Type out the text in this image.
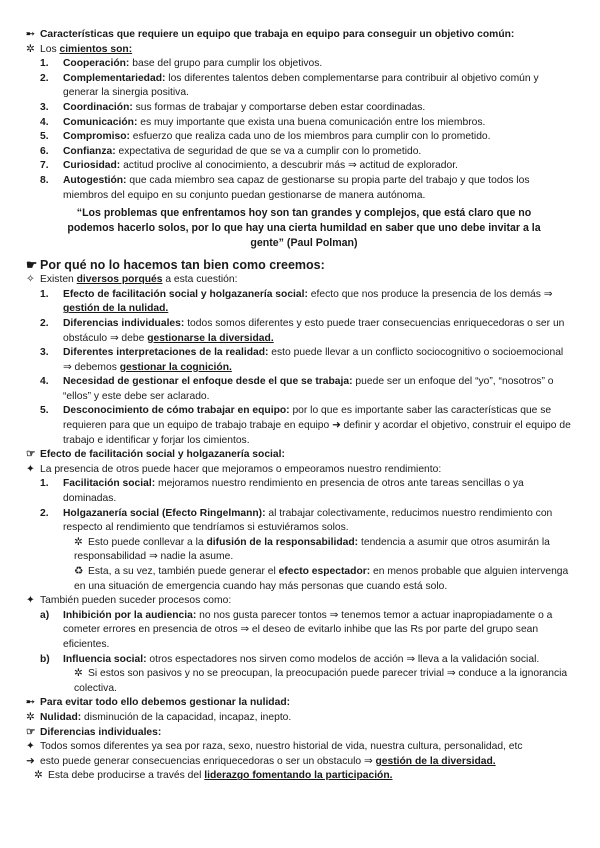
➸ Características que requiere un equipo que trabaja en equipo para conseguir un objetivo común:

✲ Los cimientos son:

1. Cooperación: base del grupo para cumplir los objetivos.
2. Complementariedad: los diferentes talentos deben complementarse para contribuir al objetivo común y generar la sinergia positiva.
3. Coordinación: sus formas de trabajar y comportarse deben estar coordinadas.
4. Comunicación: es muy importante que exista una buena comunicación entre los miembros.
5. Compromiso: esfuerzo que realiza cada uno de los miembros para cumplir con lo prometido.
6. Confianza: expectativa de seguridad de que se va a cumplir con lo prometido.
7. Curiosidad: actitud proclive al conocimiento, a descubrir más ⇒ actitud de explorador.
8. Autogestión: que cada miembro sea capaz de gestionarse su propia parte del trabajo y que todos los miembros del equipo en su conjunto puedan gestionarse de manera autónoma.

“Los problemas que enfrentamos hoy son tan grandes y complejos, que está claro que no podemos hacerlo solos, por lo que hay una cierta humildad en saber que uno debe invitar a la gente” (Paul Polman)

☛ Por qué no lo hacemos tan bien como creemos:

✧ Existen diversos porqués a esta cuestión:

1. Efecto de facilitación social y holgazanería social: efecto que nos produce la presencia de los demás ⇒ gestión de la nulidad.
2. Diferencias individuales: todos somos diferentes y esto puede traer consecuencias enriquecedoras o ser un obstáculo ⇒ debe gestionarse la diversidad.
3. Diferentes interpretaciones de la realidad: esto puede llevar a un conflicto sociocognitivo o socioemocional ⇒ debemos gestionar la cognición.
4. Necesidad de gestionar el enfoque desde el que se trabaja: puede ser un enfoque del “yo”, “nosotros” o “ellos” y este debe ser aclarado.
5. Desconocimiento de cómo trabajar en equipo: por lo que es importante saber las características que se requieren para que un equipo de trabajo trabaje en equipo ➜ definir y acordar el objetivo, construir el equipo de trabajo e identificar y forjar los cimientos.

☞ Efecto de facilitación social y holgazanería social:

✦ La presencia de otros puede hacer que mejoramos o empeoramos nuestro rendimiento:

1. Facilitación social: mejoramos nuestro rendimiento en presencia de otros ante tareas sencillas o ya dominadas.
2. Holgazanería social (Efecto Ringelmann): al trabajar colectivamente, reducimos nuestro rendimiento con respecto al rendimiento que tendríamos si estuviéramos solos.

✲ Esto puede conllevar a la difusión de la responsabilidad: tendencia a asumir que otros asumirán la responsabilidad ⇒ nadie la asume.

♻ Esta, a su vez, también puede generar el efecto espectador: en menos probable que alguien intervenga en una situación de emergencia cuando hay más personas que cuando está solo.

✦ También pueden suceder procesos como:

a) Inhibición por la audiencia: no nos gusta parecer tontos ⇒ tenemos temor a actuar inapropiadamente o a cometer errores en presencia de otros ⇒ el deseo de evitarlo inhibe que las Rs por parte del grupo sean eficientes.
b) Influencia social: otros espectadores nos sirven como modelos de acción ⇒ lleva a la validación social.

✲ Si estos son pasivos y no se preocupan, la preocupación puede parecer trivial ⇒ conduce a la ignorancia colectiva.

➸ Para evitar todo ello debemos gestionar la nulidad:

✲ Nulidad: disminución de la capacidad, incapaz, inepto.

☞ Diferencias individuales:

✦ Todos somos diferentes ya sea por raza, sexo, nuestro historial de vida, nuestra cultura, personalidad, etc

➜ esto puede generar consecuencias enriquecedoras o ser un obstaculo ⇒ gestión de la diversidad.

✲ Esta debe producirse a través del liderazgo fomentando la participación.
